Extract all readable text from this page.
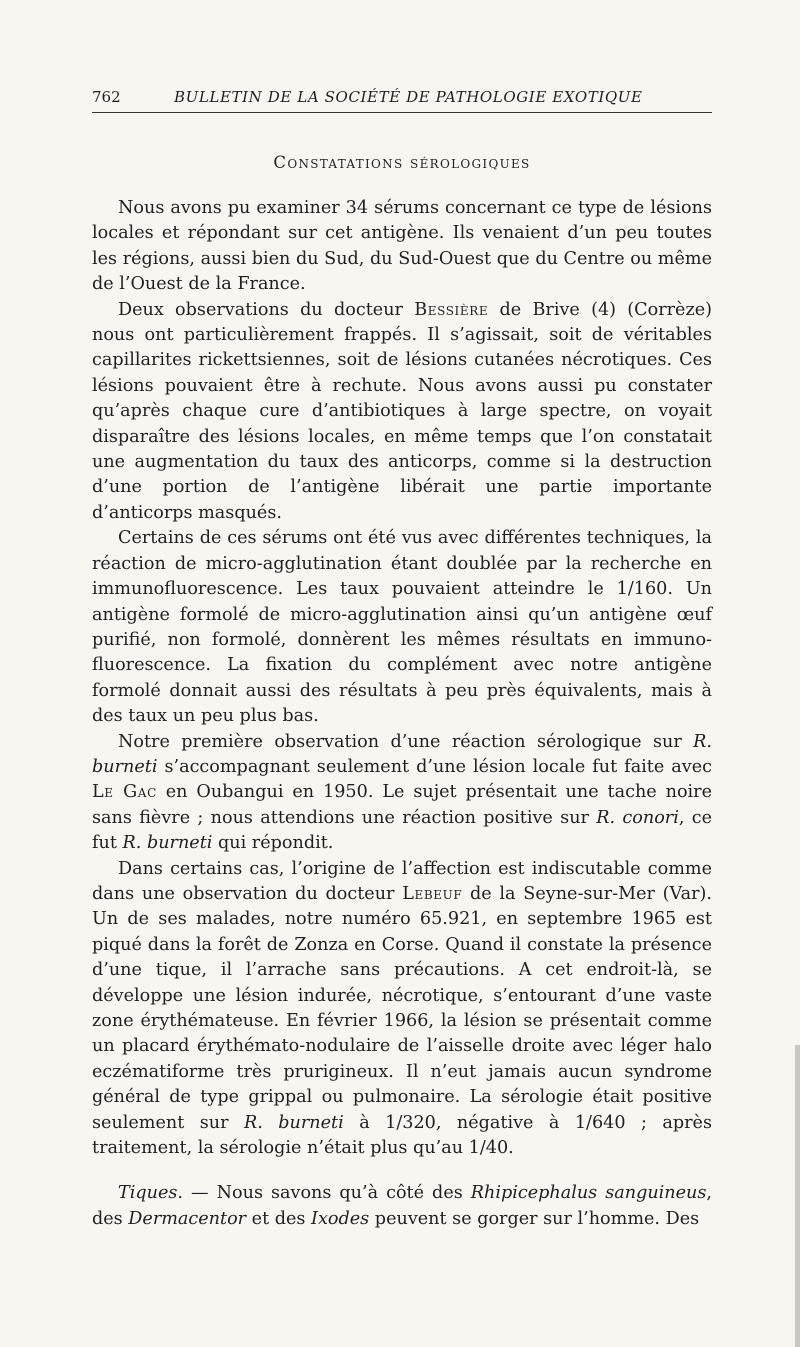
762	BULLETIN DE LA SOCIÉTÉ DE PATHOLOGIE EXOTIQUE
Constatations sérologiques

Nous avons pu examiner 34 sérums concernant ce type de lésions locales et répondant sur cet antigène. Ils venaient d’un peu toutes les régions, aussi bien du Sud, du Sud-Ouest que du Centre ou même de l’Ouest de la France.

Deux observations du docteur Bessière de Brive (4) (Corrèze) nous ont particulièrement frappés. Il s’agissait, soit de véritables capillarites rickettsiennes, soit de lésions cutanées nécrotiques. Ces lésions pouvaient être à rechute. Nous avons aussi pu constater qu’après chaque cure d’antibiotiques à large spectre, on voyait disparaître des lésions locales, en même temps que l’on constatait une augmentation du taux des anticorps, comme si la destruction d’une portion de l’antigène libérait une partie importante d’anticorps masqués.

Certains de ces sérums ont été vus avec différentes techniques, la réaction de micro-agglutination étant doublée par la recherche en immunofluorescence. Les taux pouvaient atteindre le 1/160. Un antigène formolé de micro-agglutination ainsi qu’un antigène œuf purifié, non formolé, donnèrent les mêmes résultats en immuno-fluorescence. La fixation du complément avec notre antigène formolé donnait aussi des résultats à peu près équivalents, mais à des taux un peu plus bas.

Notre première observation d’une réaction sérologique sur R. burneti s’accompagnant seulement d’une lésion locale fut faite avec Le Gac en Oubangui en 1950. Le sujet présentait une tache noire sans fièvre ; nous attendions une réaction positive sur R. conori, ce fut R. burneti qui répondit.

Dans certains cas, l’origine de l’affection est indiscutable comme dans une observation du docteur Lebeuf de la Seyne-sur-Mer (Var). Un de ses malades, notre numéro 65.921, en septembre 1965 est piqué dans la forêt de Zonza en Corse. Quand il constate la présence d’une tique, il l’arrache sans précautions. A cet endroit-là, se développe une lésion indurée, nécrotique, s’entourant d’une vaste zone érythémateuse. En février 1966, la lésion se présentait comme un placard érythémato-nodulaire de l’aisselle droite avec léger halo eczématiforme très prurigineux. Il n’eut jamais aucun syndrome général de type grippal ou pulmonaire. La sérologie était positive seulement sur R. burneti à 1/320, négative à 1/640 ; après traitement, la sérologie n’était plus qu’au 1/40.

Tiques. — Nous savons qu’à côté des Rhipicephalus sanguineus, des Dermacentor et des Ixodes peuvent se gorger sur l’homme. Des
